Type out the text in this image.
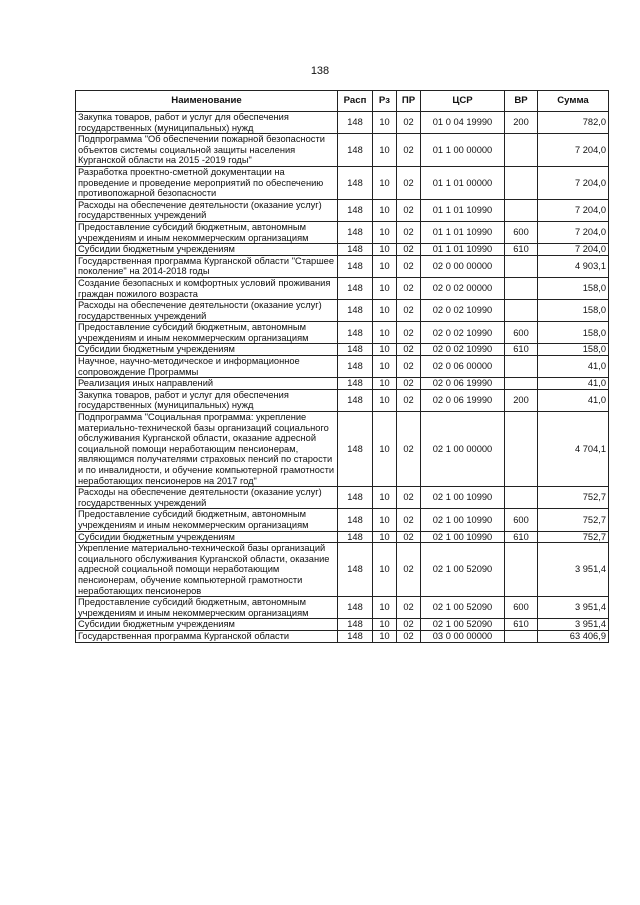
138
Наименование	Расп	Рз	ПР	ЦСР	ВР	Сумма
Закупка товаров, работ и услуг для обеспечения государственных (муниципальных) нужд	148	10	02	01 0 04 19990	200	782,0
Подпрограмма "Об обеспечении пожарной безопасности объектов системы социальной защиты населения Курганской области на 2015 -2019 годы"	148	10	02	01 1 00 00000		7 204,0
Разработка проектно-сметной документации на проведение и проведение мероприятий по обеспечению противопожарной безопасности	148	10	02	01 1 01 00000		7 204,0
Расходы на обеспечение деятельности (оказание услуг) государственных учреждений	148	10	02	01 1 01 10990		7 204,0
Предоставление субсидий бюджетным, автономным учреждениям и иным некоммерческим организациям	148	10	02	01 1 01 10990	600	7 204,0
Субсидии бюджетным учреждениям	148	10	02	01 1 01 10990	610	7 204,0
Государственная программа Курганской области "Старшее поколение" на 2014-2018 годы	148	10	02	02 0 00 00000		4 903,1
Создание безопасных и комфортных условий проживания граждан пожилого возраста	148	10	02	02 0 02 00000		158,0
Расходы на обеспечение деятельности (оказание услуг) государственных учреждений	148	10	02	02 0 02 10990		158,0
Предоставление субсидий бюджетным, автономным учреждениям и иным некоммерческим организациям	148	10	02	02 0 02 10990	600	158,0
Субсидии бюджетным учреждениям	148	10	02	02 0 02 10990	610	158,0
Научное, научно-методическое и информационное сопровождение Программы	148	10	02	02 0 06 00000		41,0
Реализация иных направлений	148	10	02	02 0 06 19990		41,0
Закупка товаров, работ и услуг для обеспечения государственных (муниципальных) нужд	148	10	02	02 0 06 19990	200	41,0
Подпрограмма "Социальная программа: укрепление материально-технической базы организаций социального обслуживания Курганской области, оказание адресной социальной помощи неработающим пенсионерам, являющимся получателями страховых пенсий по старости и по инвалидности, и обучение компьютерной грамотности неработающих пенсионеров на 2017 год"	148	10	02	02 1 00 00000		4 704,1
Расходы на обеспечение деятельности (оказание услуг) государственных учреждений	148	10	02	02 1 00 10990		752,7
Предоставление субсидий бюджетным, автономным учреждениям и иным некоммерческим организациям	148	10	02	02 1 00 10990	600	752,7
Субсидии бюджетным учреждениям	148	10	02	02 1 00 10990	610	752,7
Укрепление материально-технической базы организаций социального обслуживания Курганской области, оказание адресной социальной помощи неработающим пенсионерам, обучение компьютерной грамотности неработающих пенсионеров	148	10	02	02 1 00 52090		3 951,4
Предоставление субсидий бюджетным, автономным учреждениям и иным некоммерческим организациям	148	10	02	02 1 00 52090	600	3 951,4
Субсидии бюджетным учреждениям	148	10	02	02 1 00 52090	610	3 951,4
Государственная программа Курганской области	148	10	02	03 0 00 00000		63 406,9
